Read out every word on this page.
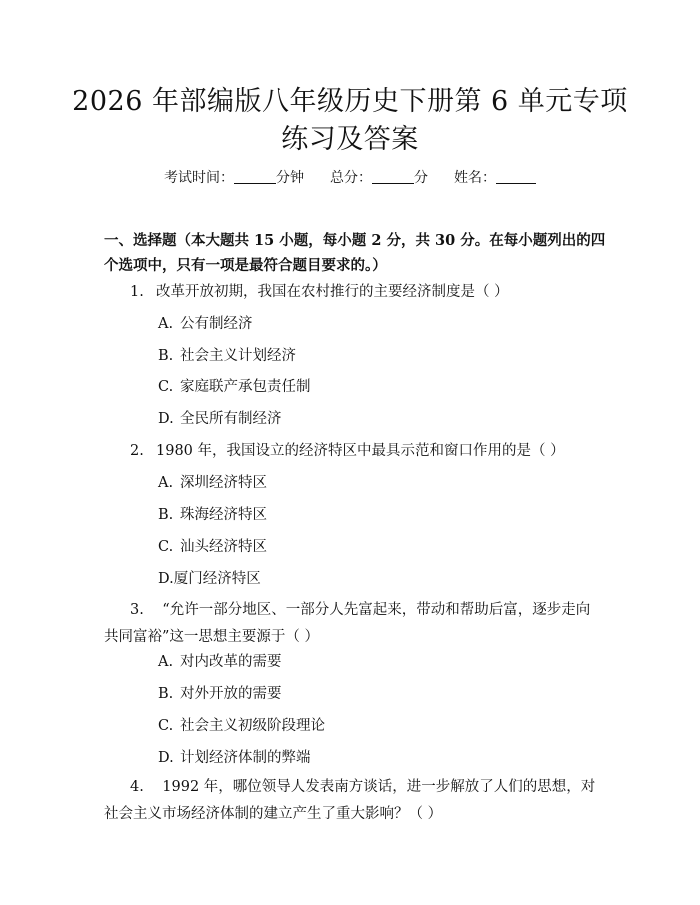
2026 年部编版八年级历史下册第 6 单元专项
练习及答案
考试时间：	分钟 总分：	分 姓名：
一、选择题（本大题共 15 小题，每小题 2 分，共 30 分。在每小题列出的四个选项中，只有一项是最符合题目要求的。）
1. 改革开放初期，我国在农村推行的主要经济制度是（ ）
A. 公有制经济
B. 社会主义计划经济
C. 家庭联产承包责任制
D. 全民所有制经济
2. 1980 年，我国设立的经济特区中最具示范和窗口作用的是（ ）
A. 深圳经济特区
B. 珠海经济特区
C. 汕头经济特区
D.厦门经济特区
3. “允许一部分地区、一部分人先富起来，带动和帮助后富，逐步走向共同富裕”这一思想主要源于（ ）
A. 对内改革的需要
B. 对外开放的需要
C. 社会主义初级阶段理论
D. 计划经济体制的弊端
4. 1992 年，哪位领导人发表南方谈话，进一步解放了人们的思想，对社会主义市场经济体制的建立产生了重大影响？（ ）
